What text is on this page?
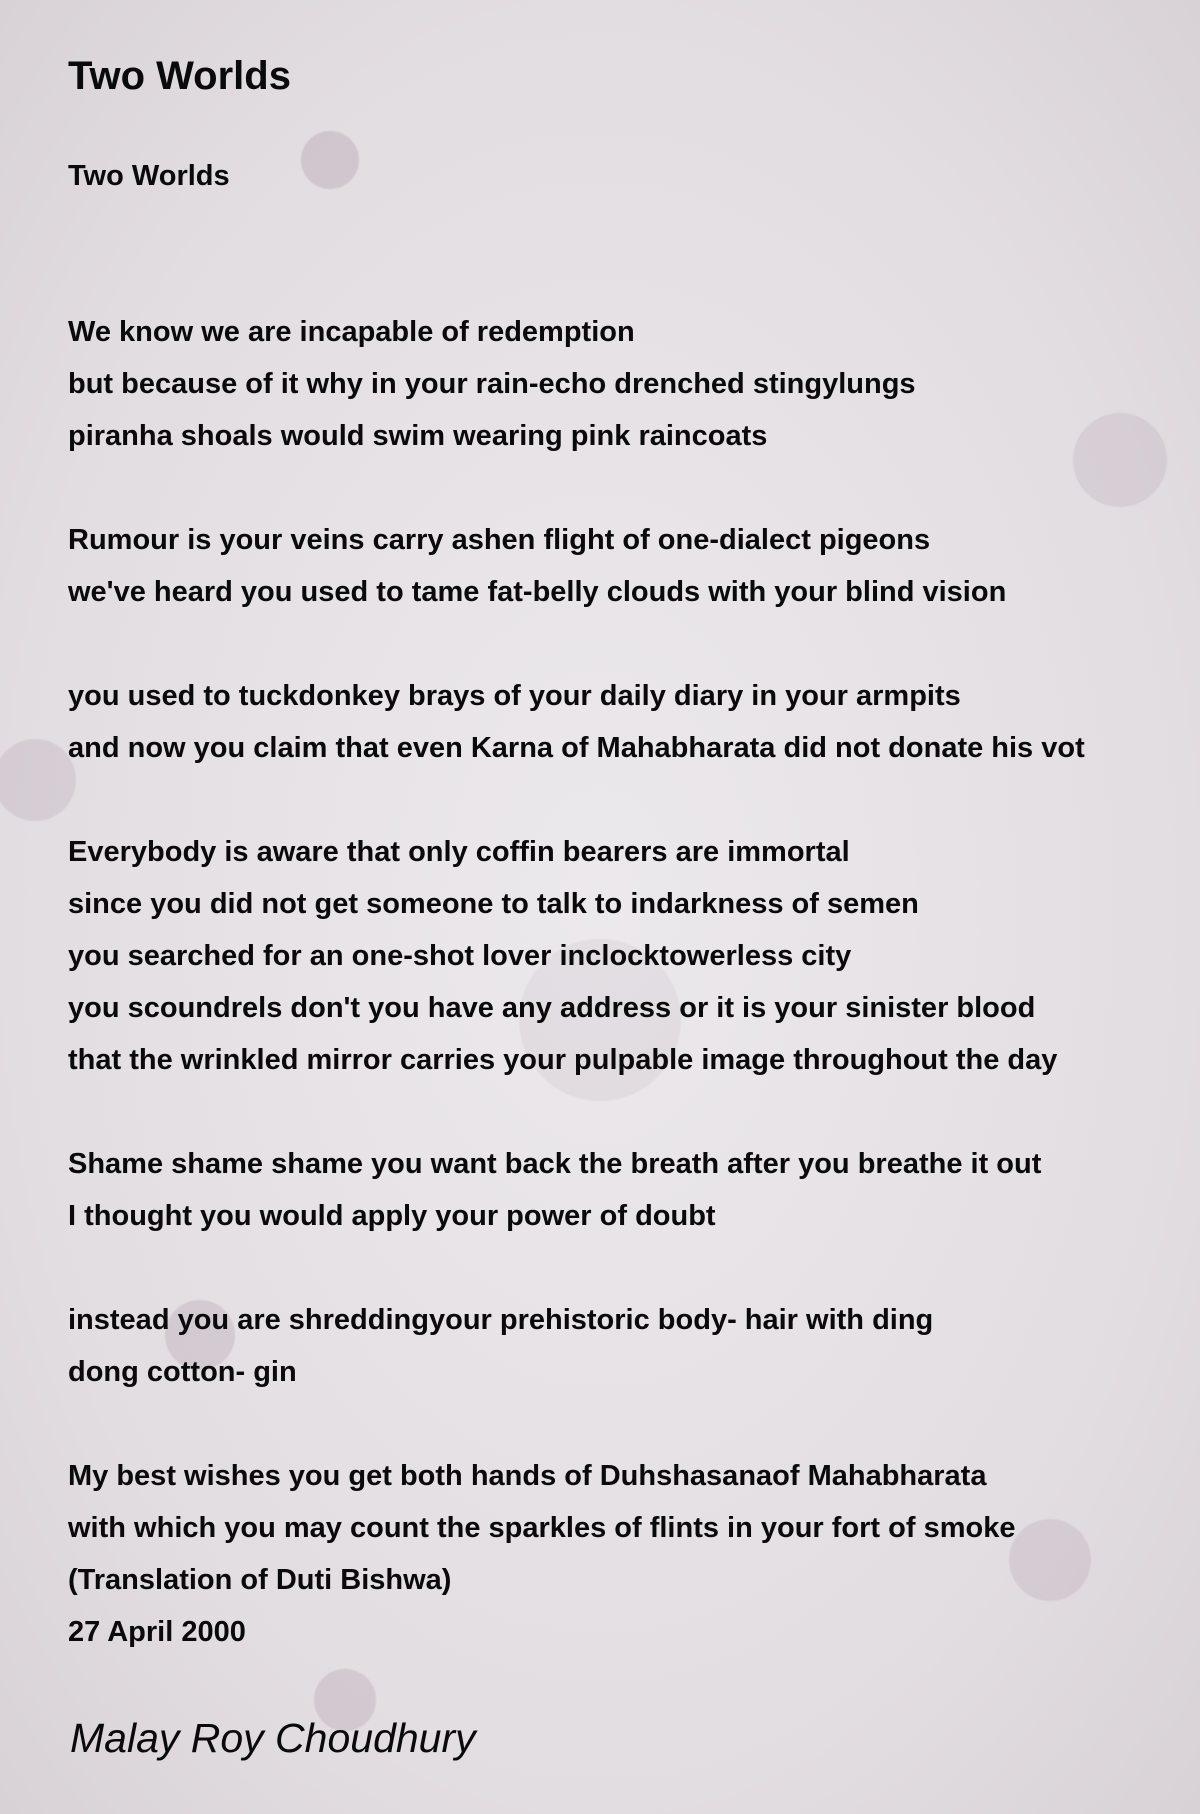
Two Worlds
Two Worlds
We know we are incapable of redemption
but because of it why in your rain-echo drenched stingylungs
piranha shoals would swim wearing pink raincoats
Rumour is your veins carry ashen flight of one-dialect pigeons
we've heard you used to tame fat-belly clouds with your blind vision
you used to tuckdonkey brays of your daily diary in your armpits
and now you claim that even Karna of Mahabharata did not donate his vot
Everybody is aware that only coffin bearers are immortal
since you did not get someone to talk to indarkness of semen
you searched for an one-shot lover inclocktowerless city
you scoundrels don't you have any address or it is your sinister blood
that the wrinkled mirror carries your pulpable image throughout the day
Shame shame shame you want back the breath after you breathe it out
I thought you would apply your power of doubt
instead you are shreddingyour prehistoric body- hair with ding
dong cotton- gin
My best wishes you get both hands of Duhshasanaof Mahabharata
with which you may count the sparkles of flints in your fort of smoke
(Translation of Duti Bishwa)
27 April 2000
Malay Roy Choudhury
